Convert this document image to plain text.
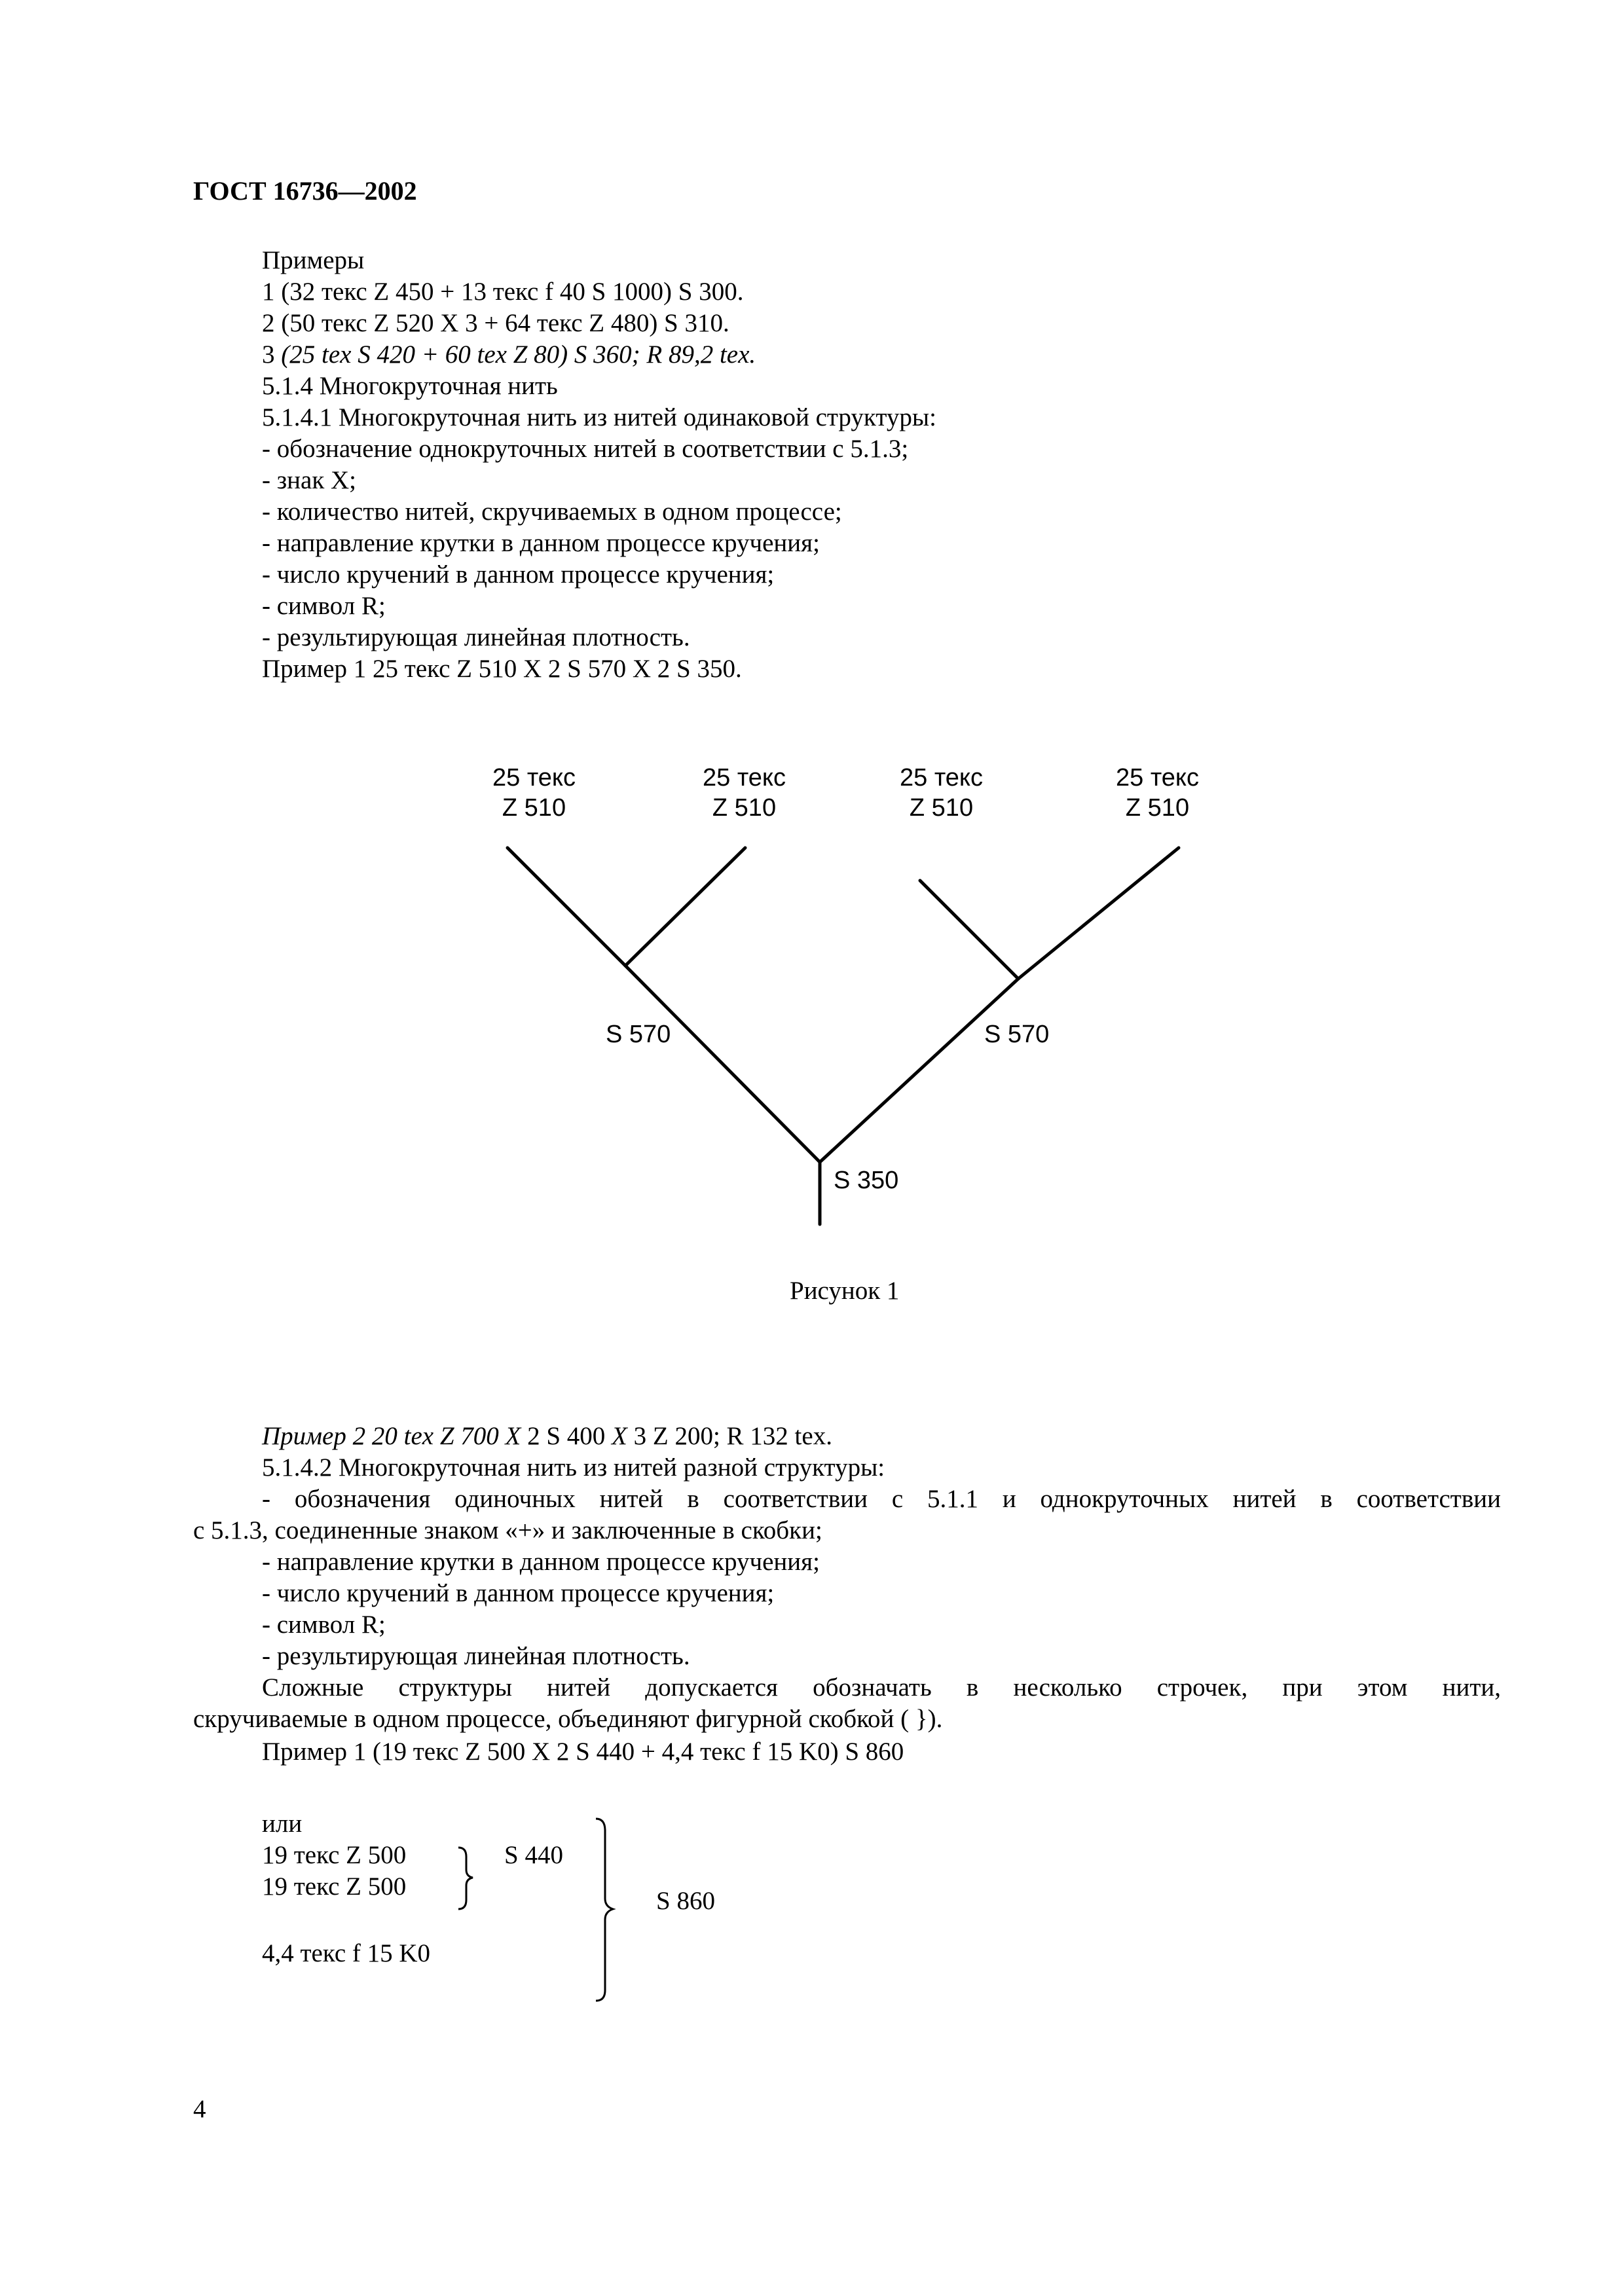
ГОСТ 16736—2002

Примеры

1 (32 текс Z 450 + 13 текс f 40 S 1000) S 300.

2 (50 текс Z 520 X 3 + 64 текс Z 480) S 310.

3 (25 tex S 420 + 60 tex Z 80) S 360; R 89,2 tex.

5.1.4 Многокруточная нить

5.1.4.1 Многокруточная нить из нитей одинаковой структуры:

- обозначение однокруточных нитей в соответствии с 5.1.3;

- знак X;

- количество нитей, скручиваемых в одном процессе;

- направление крутки в данном процессе кручения;

- число кручений в данном процессе кручения;

- символ R;

- результирующая линейная плотность.

Пример 1 25 текс Z 510 X 2 S 570 X 2 S 350.

25 текс
Z 510
25 текс
Z 510
25 текс
Z 510
25 текс
Z 510
S 570	S 570
S 350
Рисунок 1

Пример 2 20 tex Z 700 X 2 S 400 X 3 Z 200; R 132 tex.

5.1.4.2 Многокруточная нить из нитей разной структуры:

- обозначения одиночных нитей в соответствии с 5.1.1 и однокруточных нитей в соответствии
с 5.1.3, соединенные знаком «+» и заключенные в скобки;

- направление крутки в данном процессе кручения;

- число кручений в данном процессе кручения;

- символ R;

- результирующая линейная плотность.

Сложные структуры нитей допускается обозначать в несколько строчек, при этом нити,
скручиваемые в одном процессе, объединяют фигурной скобкой ( }).
Пример 1 (19 текс Z 500 X 2 S 440 + 4,4 текс f 15 K0) S 860
или
19 текс Z 500
19 текс Z 500
S 440
4,4 текс f 15 K0
S 860
4
